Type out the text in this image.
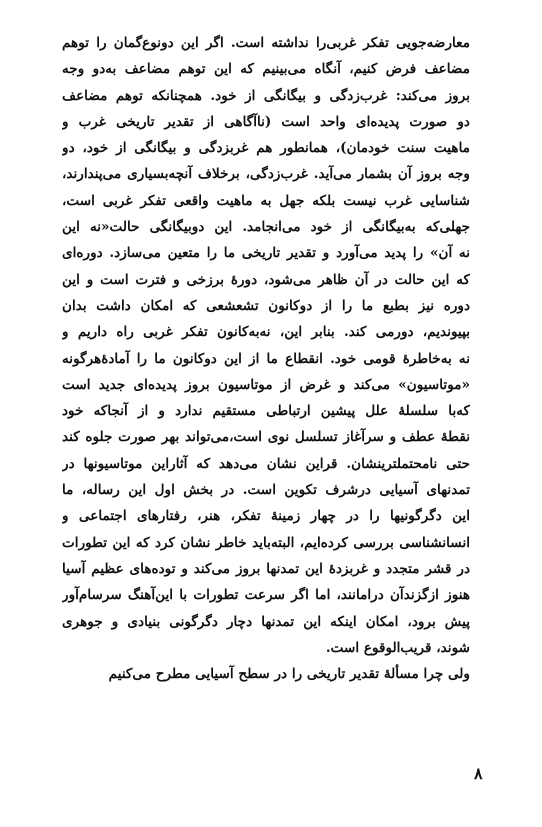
معارضه‌جویی تفکر غربی‌را نداشته است. اگر این دونوع‌گمان را توهم
مضاعف فرض کنیم، آنگاه می‌بینیم که این توهم مضاعف به‌دو وجه
بروز می‌کند: غرب‌زدگی و بیگانگی از خود. همچنانکه توهم مضاعف
دو صورت پدیده‌ای واحد است (ناآگاهی از تقدیر تاریخی غرب و
ماهیت سنت خودمان)، همانطور هم غربزدگی و بیگانگی از خود، دو
وجه بروز آن بشمار می‌آید. غرب‌زدگی، برخلاف آنچه‌بسیاری می‌پندارند،
شناسایی غرب نیست بلکه جهل به ماهیت واقعی تفکر غربی است،
جهلی‌که به‌بیگانگی از خود می‌انجامد. این دوبیگانگی حالت«نه این
نه آن» را پدید می‌آورد و تقدیر تاریخی ما را متعین می‌سازد. دوره‌ای
که این حالت در آن ظاهر می‌شود، دورهٔ برزخی و فترت است و این
دوره نیز بطبع ما را از دوکانون تشعشعی که امکان داشت بدان
بپیوندیم، دورمی کند. بنابر این، نه‌به‌کانون تفکر غربی راه داریم و
نه به‌خاطرهٔ قومی خود. انقطاع ما از این دوکانون ما را آمادهٔ‌هرگونه
«موتاسیون» می‌کند و غرض از موتاسیون بروز پدیده‌ای جدید است
که‌با سلسلهٔ علل پیشین ارتباطی مستقیم ندارد و از آنجاکه خود
نقطهٔ عطف و سرآغاز تسلسل نوی است،می‌تواند بهر صورت جلوه کند
حتی نامحتملترینشان. قراین نشان می‌دهد که آثاراین موتاسیونها در
تمدنهای آسیایی درشرف تکوین است. در بخش اول این رساله، ما
این دگرگونیها را در چهار زمینهٔ تفکر، هنر، رفتارهای اجتماعی و
انسانشناسی بررسی کرده‌ایم، البته‌باید خاطر نشان کرد که این تطورات
در قشر متجدد و غربزدهٔ این تمدنها بروز می‌کند و توده‌های عظیم آسیا
هنوز ازگزندآن درامانند، اما اگر سرعت تطورات با این‌آهنگ سرسام‌آور
پیش برود، امکان اینکه این تمدنها دچار دگرگونی بنیادی و جوهری
شوند، قریب‌الوقوع است.
ولی چرا مسألهٔ تقدیر تاریخی را در سطح آسیایی مطرح می‌کنیم
۸
